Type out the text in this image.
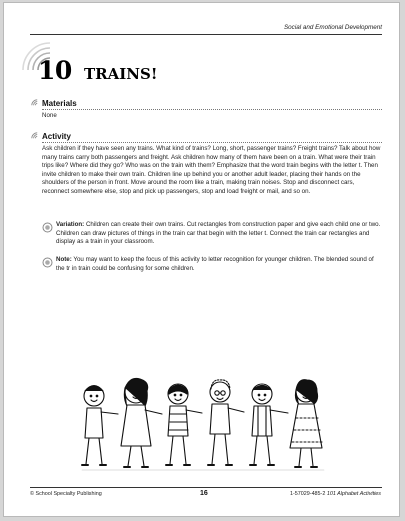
Social and Emotional Development
10 TRAINS!
Materials
None
Activity
Ask children if they have seen any trains. What kind of trains? Long, short, passenger trains? Freight trains? Talk about how many trains carry both passengers and freight. Ask children how many of them have been on a train. What were their train trips like? Where did they go? Who was on the train with them? Emphasize that the word train begins with the letter t. Then invite children to make their own train. Children line up behind you or another adult leader, placing their hands on the shoulders of the person in front. Move around the room like a train, making train noises. Stop and disconnect cars, reconnect somewhere else, stop and pick up passengers, stop and load freight or mail, and so on.
Variation: Children can create their own trains. Cut rectangles from construction paper and give each child one or two. Children can draw pictures of things in the train car that begin with the letter t. Connect the train car rectangles and display as a train in your classroom.
Note: You may want to keep the focus of this activity to letter recognition for younger children. The blended sound of the tr in train could be confusing for some children.
© School Specialty Publishing	16	1-57029-485-2 101 Alphabet Activities
